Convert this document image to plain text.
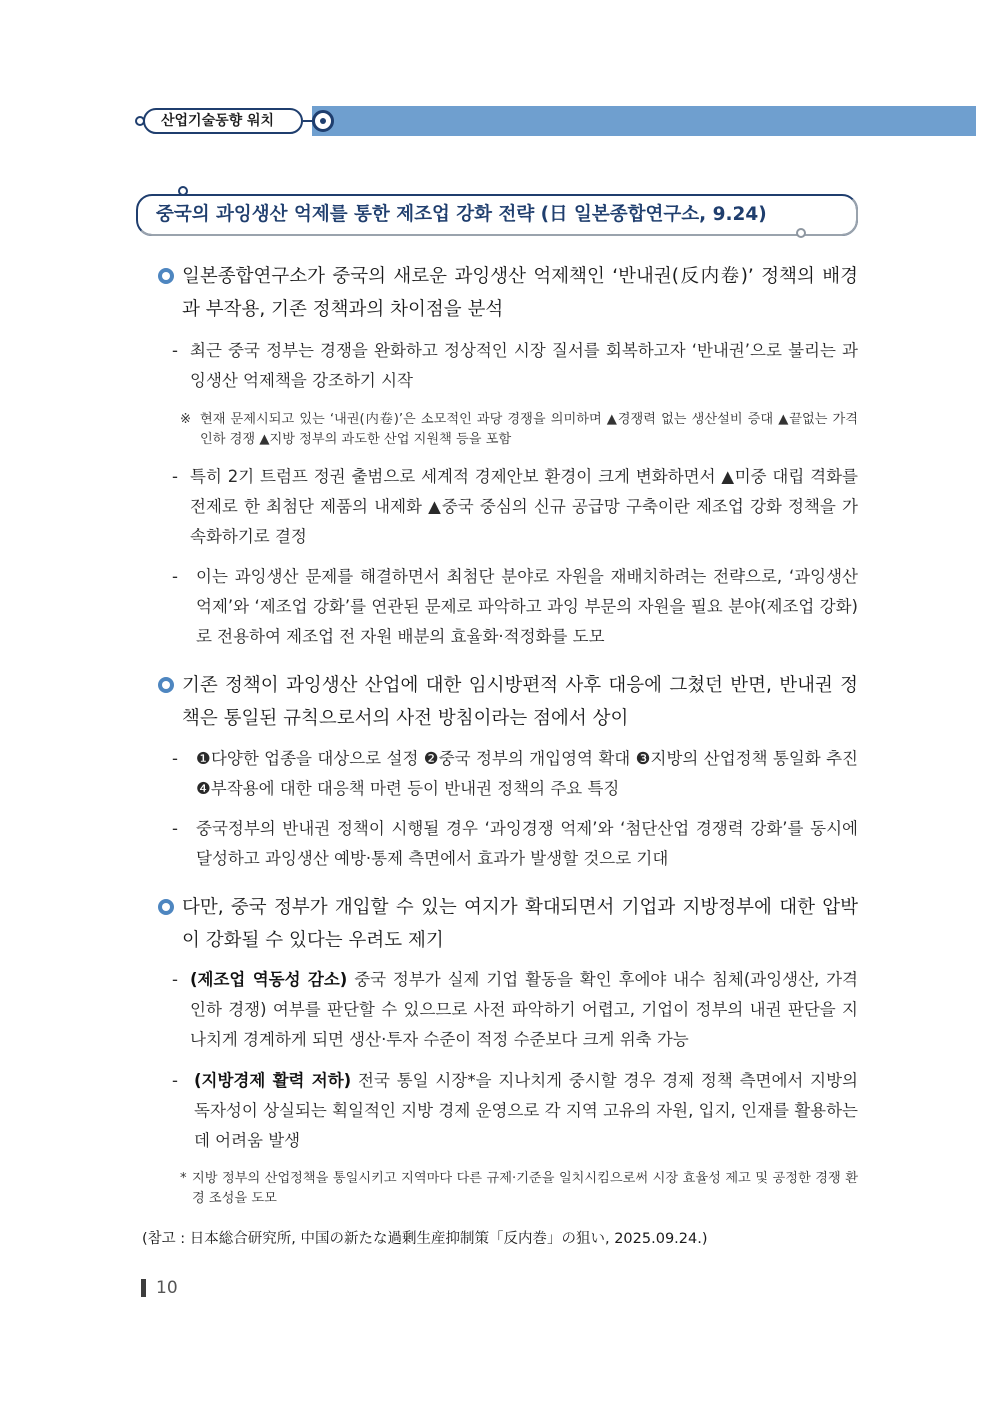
산업기술동향 워치
중국의 과잉생산 억제를 통한 제조업 강화 전략 (日 일본종합연구소, 9.24)
일본종합연구소가 중국의 새로운 과잉생산 억제책인 ‘반내권(反内卷)’ 정책의 배경과 부작용, 기존 정책과의 차이점을 분석
- 최근 중국 정부는 경쟁을 완화하고 정상적인 시장 질서를 회복하고자 ‘반내권’으로 불리는 과잉생산 억제책을 강조하기 시작
※ 현재 문제시되고 있는 ‘내권(内卷)’은 소모적인 과당 경쟁을 의미하며 ▲경쟁력 없는 생산설비 증대 ▲끝없는 가격 인하 경쟁 ▲지방 정부의 과도한 산업 지원책 등을 포함
- 특히 2기 트럼프 정권 출범으로 세계적 경제안보 환경이 크게 변화하면서 ▲미중 대립 격화를 전제로 한 최첨단 제품의 내제화 ▲중국 중심의 신규 공급망 구축이란 제조업 강화 정책을 가속화하기로 결정
- 이는 과잉생산 문제를 해결하면서 최첨단 분야로 자원을 재배치하려는 전략으로, ‘과잉생산 억제’와 ‘제조업 강화’를 연관된 문제로 파악하고 과잉 부문의 자원을 필요 분야(제조업 강화)로 전용하여 제조업 전 자원 배분의 효율화·적정화를 도모
기존 정책이 과잉생산 산업에 대한 임시방편적 사후 대응에 그쳤던 반면, 반내권 정책은 통일된 규칙으로서의 사전 방침이라는 점에서 상이
- ❶다양한 업종을 대상으로 설정 ❷중국 정부의 개입영역 확대 ❸지방의 산업정책 통일화 추진 ❹부작용에 대한 대응책 마련 등이 반내권 정책의 주요 특징
- 중국정부의 반내권 정책이 시행될 경우 ‘과잉경쟁 억제’와 ‘첨단산업 경쟁력 강화’를 동시에 달성하고 과잉생산 예방·통제 측면에서 효과가 발생할 것으로 기대
다만, 중국 정부가 개입할 수 있는 여지가 확대되면서 기업과 지방정부에 대한 압박이 강화될 수 있다는 우려도 제기
- (제조업 역동성 감소) 중국 정부가 실제 기업 활동을 확인 후에야 내수 침체(과잉생산, 가격 인하 경쟁) 여부를 판단할 수 있으므로 사전 파악하기 어렵고, 기업이 정부의 내권 판단을 지나치게 경계하게 되면 생산·투자 수준이 적정 수준보다 크게 위축 가능
- (지방경제 활력 저하) 전국 통일 시장*을 지나치게 중시할 경우 경제 정책 측면에서 지방의 독자성이 상실되는 획일적인 지방 경제 운영으로 각 지역 고유의 자원, 입지, 인재를 활용하는 데 어려움 발생
* 지방 정부의 산업정책을 통일시키고 지역마다 다른 규제·기준을 일치시킴으로써 시장 효율성 제고 및 공정한 경쟁 환경 조성을 도모
(참고 : 日本総合研究所, 中国の新たな過剰生産抑制策「反内巻」の狙い, 2025.09.24.)
10
